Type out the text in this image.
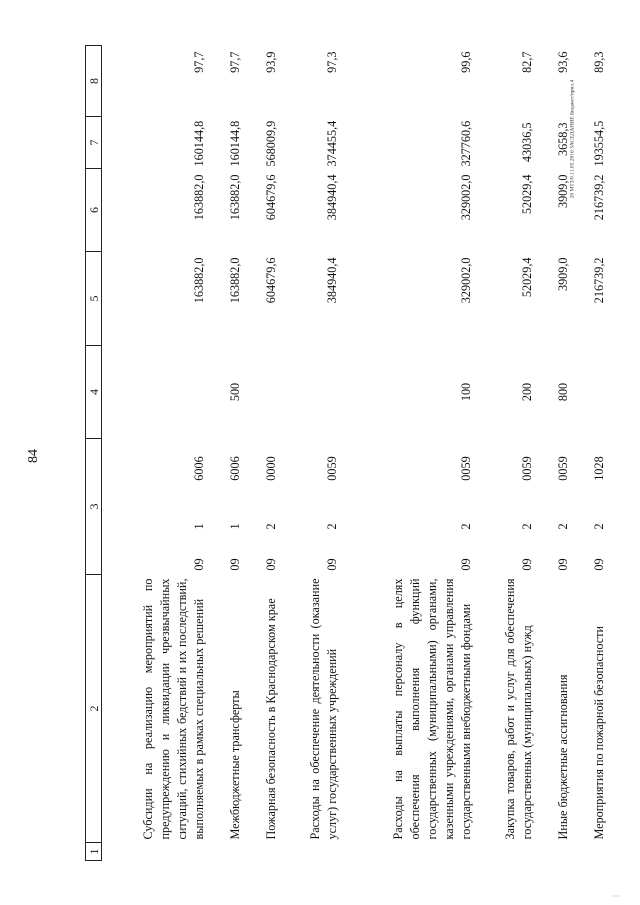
84
20 МТЗ/0.11.05.2016 ЗАСЕДАНИЕ Бюджет/прил.4
···
1	2	3			4	5	6	7	8
	Субсидии на реализацию мероприятий по предупреждению и ликвидации чрезвычайных ситуаций, стихийных бедствий и их последствий, выполняемых в рамках специальных решений	09	1	6006		163882,0	163882,0	160144,8	97,7
	Межбюджетные трансферты	09	1	6006	500	163882,0	163882,0	160144,8	97,7
	Пожарная безопасность в Краснодарском крае	09	2	0000		604679,6	604679,6	568009,9	93,9
	Расходы на обеспечение деятельности (оказание услуг) государственных учреждений	09	2	0059		384940,4	384940,4	374455,4	97,3
	Расходы на выплаты персоналу в целях обеспечения выполнения функций государственных (муниципальными) органами, казенными учреждениями, органами управления государственными внебюджетными фондами	09	2	0059	100	329002,0	329002,0	327760,6	99,6
	Закупка товаров, работ и услуг для обеспечения государственных (муниципальных) нужд	09	2	0059	200	52029,4	52029,4	43036,5	82,7
	Иные бюджетные ассигнования	09	2	0059	800	3909,0	3909,0	3658,3	93,6
	Мероприятия по пожарной безопасности	09	2	1028		216739,2	216739,2	193554,5	89,3
